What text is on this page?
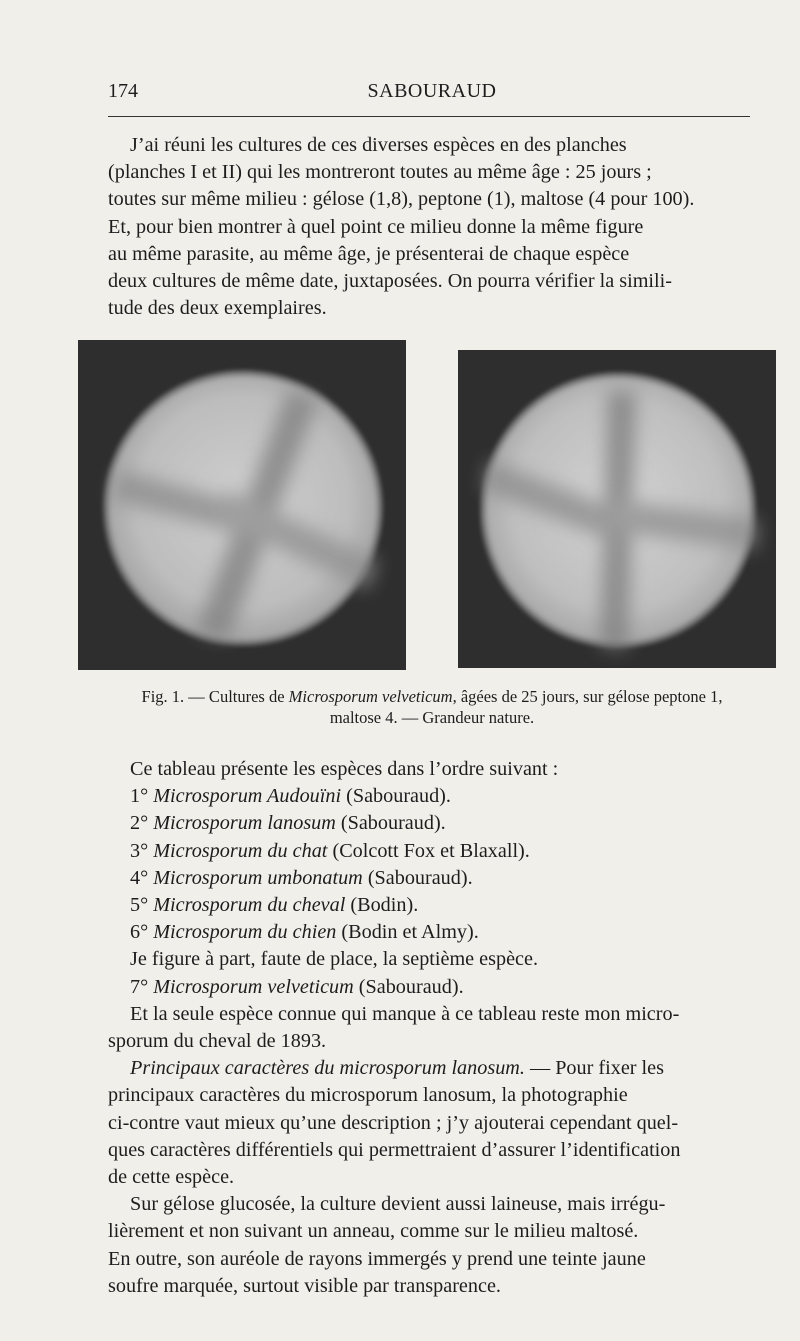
174	SABOURAUD
J’ai réuni les cultures de ces diverses espèces en des planches
(planches I et II) qui les montreront toutes au même âge : 25 jours ;
toutes sur même milieu : gélose (1,8), peptone (1), maltose (4 pour 100).
Et, pour bien montrer à quel point ce milieu donne la même figure
au même parasite, au même âge, je présenterai de chaque espèce
deux cultures de même date, juxtaposées. On pourra vérifier la simili-
tude des deux exemplaires.
Fig. 1. — Cultures de Microsporum velveticum, âgées de 25 jours, sur gélose peptone 1,
maltose 4. — Grandeur nature.
Ce tableau présente les espèces dans l’ordre suivant :
1° Microsporum Audouïni (Sabouraud).
2° Microsporum lanosum (Sabouraud).
3° Microsporum du chat (Colcott Fox et Blaxall).
4° Microsporum umbonatum (Sabouraud).
5° Microsporum du cheval (Bodin).
6° Microsporum du chien (Bodin et Almy).
Je figure à part, faute de place, la septième espèce.
7° Microsporum velveticum (Sabouraud).
Et la seule espèce connue qui manque à ce tableau reste mon micro-
sporum du cheval de 1893.
Principaux caractères du microsporum lanosum. — Pour fixer les
principaux caractères du microsporum lanosum, la photographie
ci-contre vaut mieux qu’une description ; j’y ajouterai cependant quel-
ques caractères différentiels qui permettraient d’assurer l’identification
de cette espèce.
Sur gélose glucosée, la culture devient aussi laineuse, mais irrégu-
lièrement et non suivant un anneau, comme sur le milieu maltosé.
En outre, son auréole de rayons immergés y prend une teinte jaune
soufre marquée, surtout visible par transparence.
